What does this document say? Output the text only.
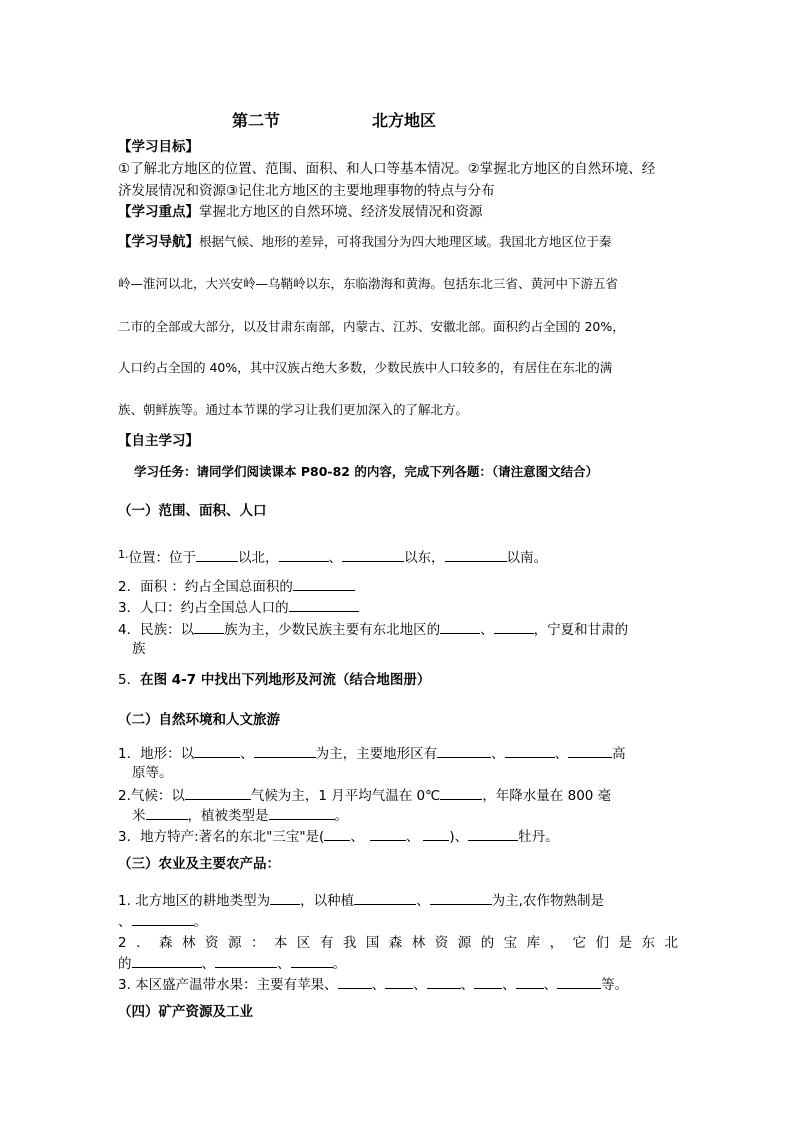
第二节	北方地区
【学习目标】
①了解北方地区的位置、范围、面积、和人口等基本情况。②掌握北方地区的自然环境、经
济发展情况和资源③记住北方地区的主要地理事物的特点与分布
【学习重点】掌握北方地区的自然环境、经济发展情况和资源
【学习导航】根据气候、地形的差异，可将我国分为四大地理区域。我国北方地区位于秦
岭—淮河以北，大兴安岭—乌鞘岭以东，东临渤海和黄海。包括东北三省、黄河中下游五省
二市的全部或大部分，以及甘肃东南部，内蒙古、江苏、安徽北部。面积约占全国的 20%，
人口约占全国的 40%，其中汉族占绝大多数，少数民族中人口较多的，有居住在东北的满
族、朝鲜族等。通过本节课的学习让我们更加深入的了解北方。
【自主学习】
学习任务：请同学们阅读课本 P80-82 的内容，完成下列各题：（请注意图文结合）
（一）范围、面积、人口
$^{1.}$位置：位于	以北，	、	以东，	以南。
2．面积 ：约占全国总面积的
3．人口：约占全国总人口的
4．民族：以 族为主，少数民族主要有东北地区的	、	，宁夏和甘肃的
族
5．在图 4-7 中找出下列地形及河流（结合地图册）
（二）自然环境和人文旅游
1．地形：以	、	为主，主要地形区有	、	、	高
原等。
2.气候：以	气候为主，1 月平均气温在 0℃	，年降水量在 800 毫
米	，植被类型是	。
3．地方特产:著名的东北"三宝"是( 、	、 )、	牡丹。
（三）农业及主要农产品：
1. 北方地区的耕地类型为 ，以种植	、	为主,农作物熟制是
、	。
2．森林资源：本区有我国森林资源的宝库，它们是东北
的	、	、	。
3. 本区盛产温带水果：主要有苹果、	、 、	、 、 、	等。
（四）矿产资源及工业
